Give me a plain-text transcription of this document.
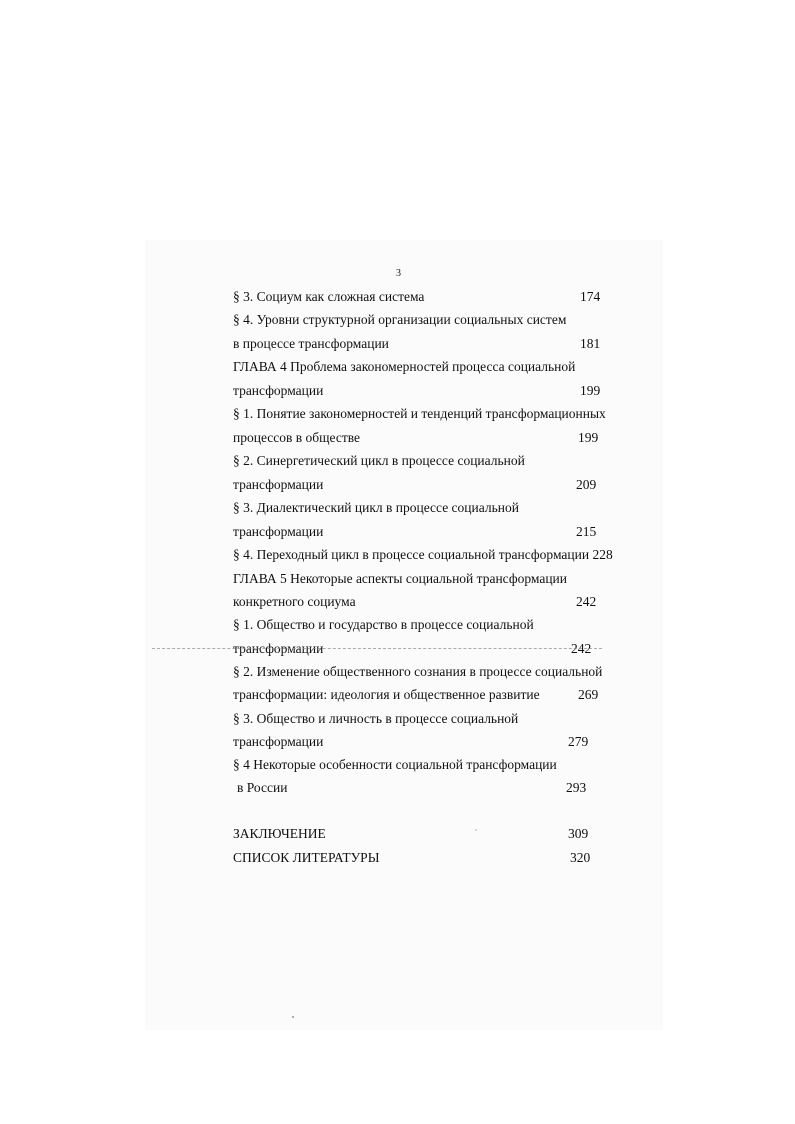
3
§ 3. Социум как сложная система	174
§ 4. Уровни структурной организации социальных систем
в процессе трансформации	181
ГЛАВА 4 Проблема закономерностей процесса социальной
трансформации	199
§ 1. Понятие закономерностей и тенденций трансформационных
процессов в обществе	199
§ 2. Синергетический цикл в процессе социальной
трансформации	209
§ 3. Диалектический цикл в процессе социальной
трансформации	215
§ 4. Переходный цикл в процессе социальной трансформации 228
ГЛАВА 5 Некоторые аспекты социальной трансформации
конкретного социума	242
§ 1. Общество и государство в процессе социальной
трансформации	242
§ 2. Изменение общественного сознания в процессе социальной
трансформации: идеология и общественное развитие	269
§ 3. Общество и личность в процессе социальной
трансформации	279
§ 4 Некоторые особенности социальной трансформации
в России	293
ЗАКЛЮЧЕНИЕ	309
СПИСОК ЛИТЕРАТУРЫ	320
